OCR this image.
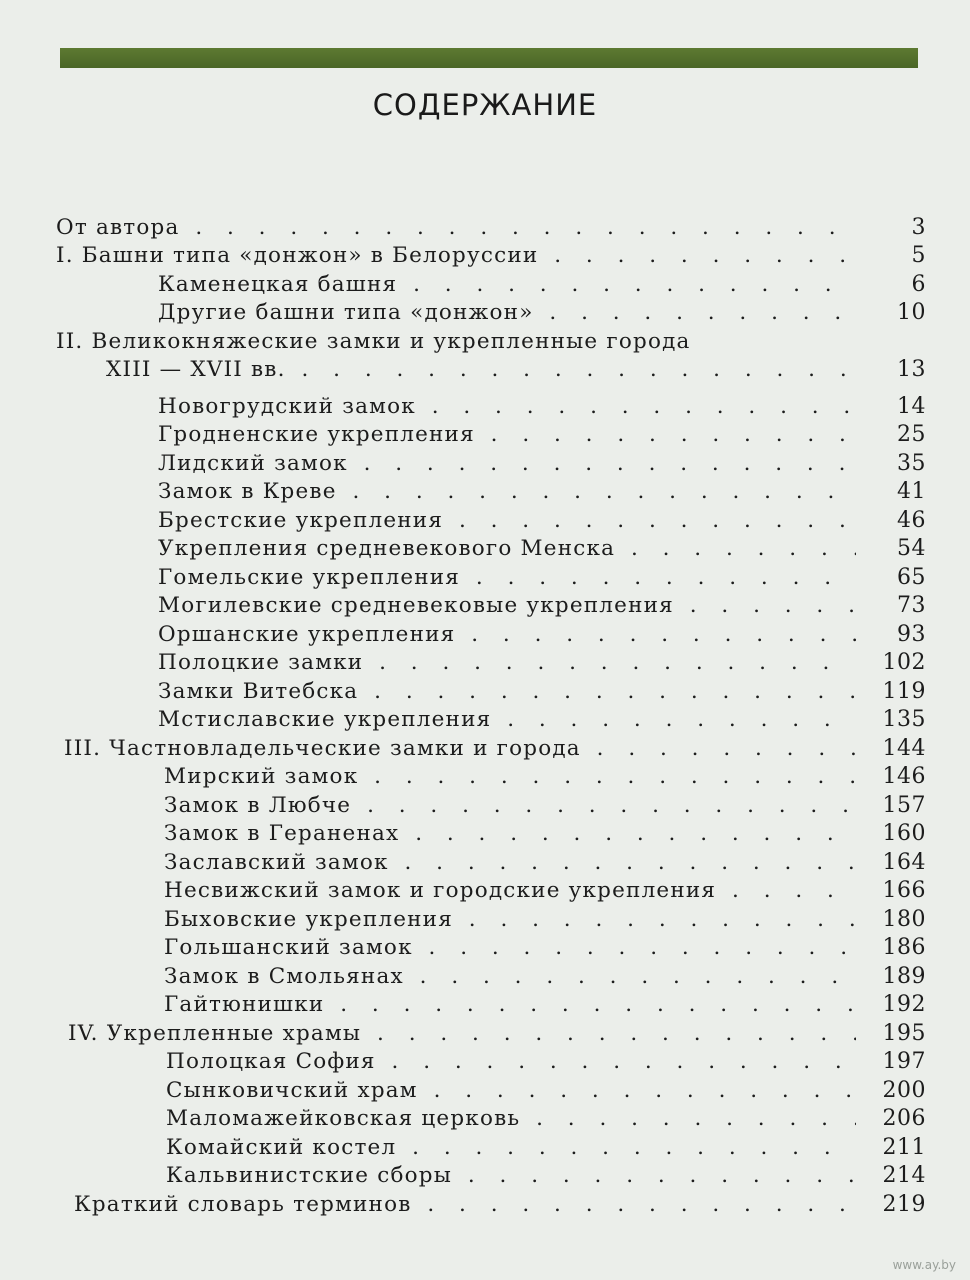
СОДЕРЖАНИЕ
От автора . . .	3
I. Башни типа «донжон» в Белоруссии . . .	5
Каменецкая башня . . .	6
Другие башни типа «донжон» . . .	10
II. Великокняжеские замки и укрепленные города
XIII — XVII вв. . . .	13
Новогрудский замок . . .	14
Гродненские укрепления . . .	25
Лидский замок . . .	35
Замок в Креве . . .	41
Брестские укрепления . . .	46
Укрепления средневекового Менска . . .	54
Гомельские укрепления . . .	65
Могилевские средневековые укрепления . . .	73
Оршанские укрепления . . .	93
Полоцкие замки . . .	102
Замки Витебска . . .	119
Мстиславские укрепления . . .	135
III. Частновладельческие замки и города . . .	144
Мирский замок . . .	146
Замок в Любче . . .	157
Замок в Гераненах . . .	160
Заславский замок . . .	164
Несвижский замок и городские укрепления . . .	166
Быховские укрепления . . .	180
Гольшанский замок . . .	186
Замок в Смольянах . . .	189
Гайтюнишки . . .	192
IV. Укрепленные храмы . . .	195
Полоцкая София . . .	197
Сынковичский храм . . .	200
Маломажейковская церковь . . .	206
Комайский костел . . .	211
Кальвинистские сборы . . .	214
Краткий словарь терминов . . .	219
www.ay.by
